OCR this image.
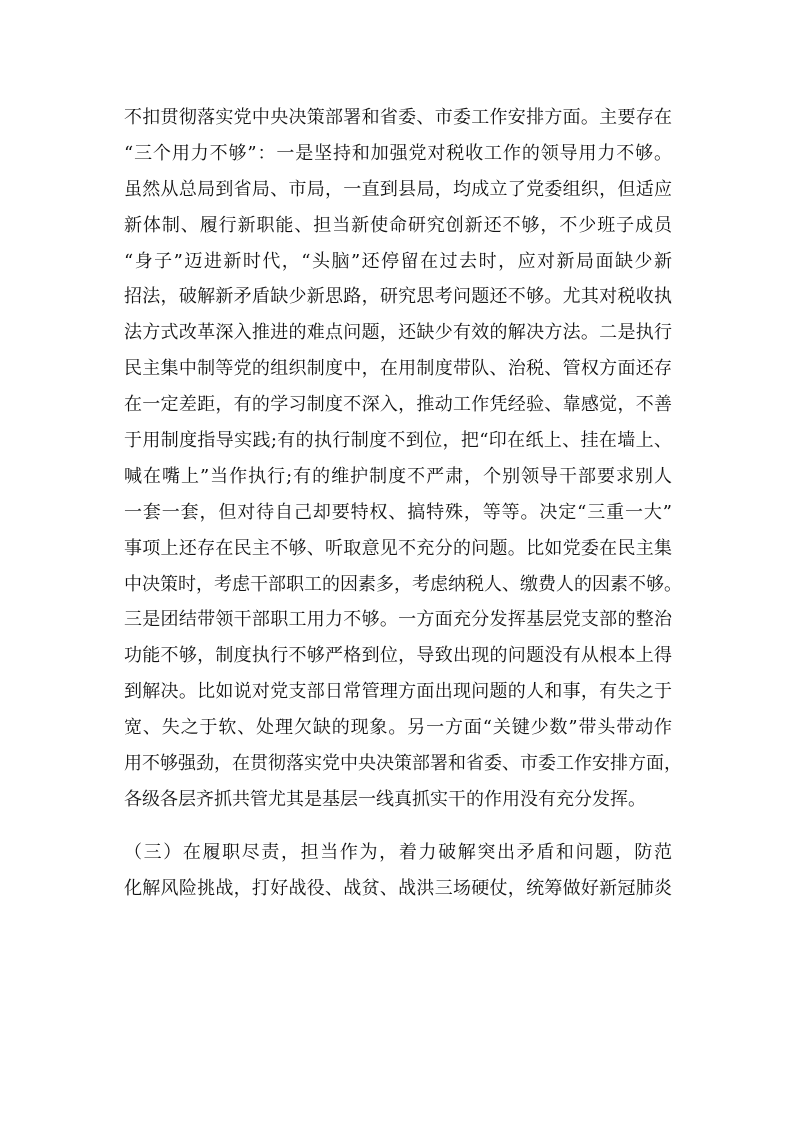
不扣贯彻落实党中央决策部署和省委、市委工作安排方面。主要存在
“三个用力不够”：一是坚持和加强党对税收工作的领导用力不够。
虽然从总局到省局、市局，一直到县局，均成立了党委组织，但适应
新体制、履行新职能、担当新使命研究创新还不够，不少班子成员
“身子”迈进新时代，“头脑”还停留在过去时，应对新局面缺少新
招法，破解新矛盾缺少新思路，研究思考问题还不够。尤其对税收执
法方式改革深入推进的难点问题，还缺少有效的解决方法。二是执行
民主集中制等党的组织制度中，在用制度带队、治税、管权方面还存
在一定差距，有的学习制度不深入，推动工作凭经验、靠感觉，不善
于用制度指导实践;有的执行制度不到位，把“印在纸上、挂在墙上、
喊在嘴上”当作执行;有的维护制度不严肃，个别领导干部要求别人
一套一套，但对待自己却要特权、搞特殊，等等。决定“三重一大”
事项上还存在民主不够、听取意见不充分的问题。比如党委在民主集
中决策时，考虑干部职工的因素多，考虑纳税人、缴费人的因素不够。
三是团结带领干部职工用力不够。一方面充分发挥基层党支部的整治
功能不够，制度执行不够严格到位，导致出现的问题没有从根本上得
到解决。比如说对党支部日常管理方面出现问题的人和事，有失之于
宽、失之于软、处理欠缺的现象。另一方面“关键少数”带头带动作
用不够强劲，在贯彻落实党中央决策部署和省委、市委工作安排方面，
各级各层齐抓共管尤其是基层一线真抓实干的作用没有充分发挥。
（三）在履职尽责，担当作为，着力破解突出矛盾和问题，防范
化解风险挑战，打好战役、战贫、战洪三场硬仗，统筹做好新冠肺炎
